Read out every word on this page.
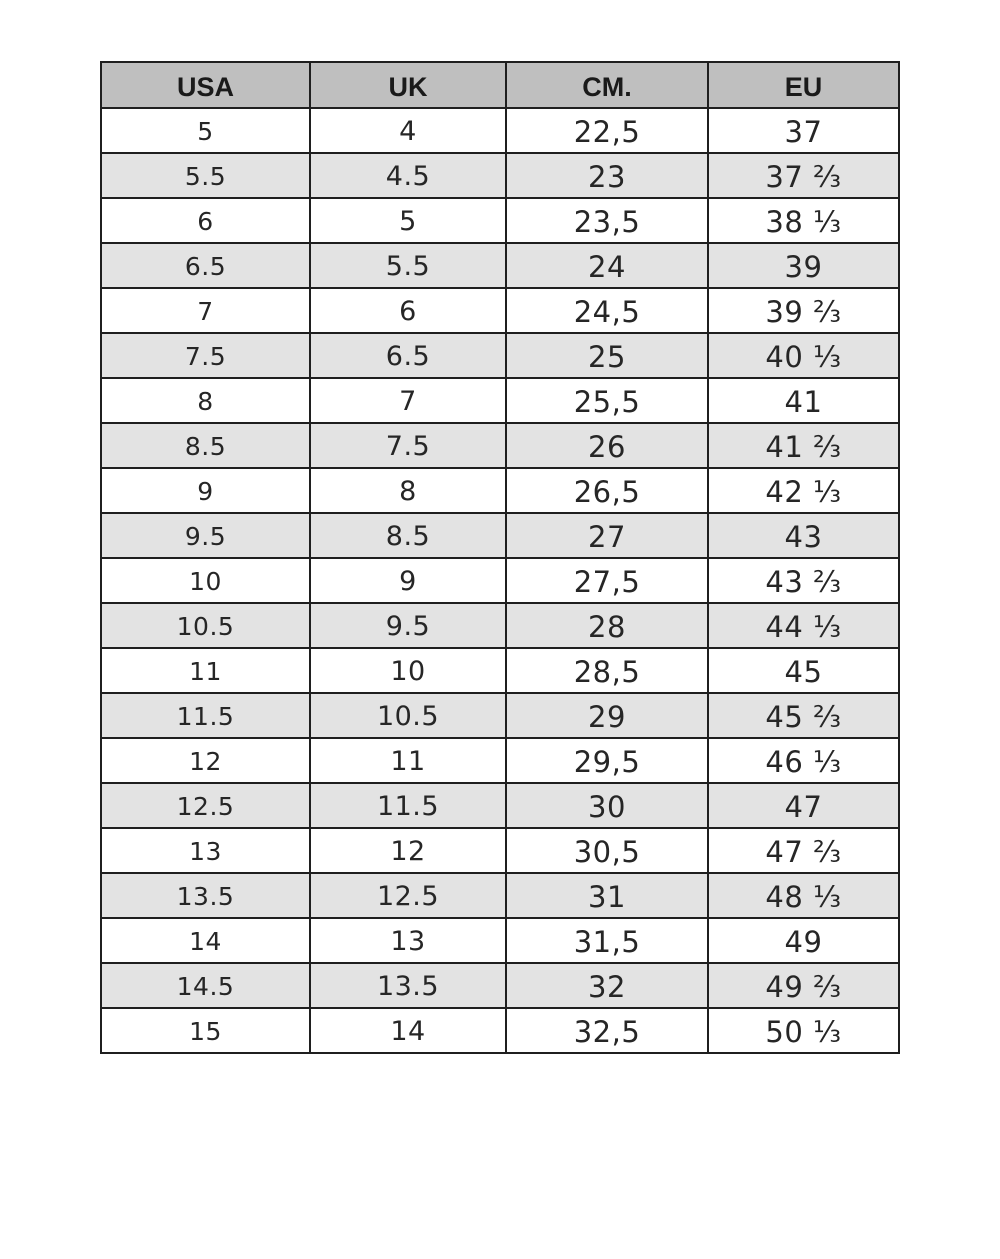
USA	UK	CM.	EU
5	4	22,5	37
5.5	4.5	23	37 ⅔
6	5	23,5	38 ⅓
6.5	5.5	24	39
7	6	24,5	39 ⅔
7.5	6.5	25	40 ⅓
8	7	25,5	41
8.5	7.5	26	41 ⅔
9	8	26,5	42 ⅓
9.5	8.5	27	43
10	9	27,5	43 ⅔
10.5	9.5	28	44 ⅓
11	10	28,5	45
11.5	10.5	29	45 ⅔
12	11	29,5	46 ⅓
12.5	11.5	30	47
13	12	30,5	47 ⅔
13.5	12.5	31	48 ⅓
14	13	31,5	49
14.5	13.5	32	49 ⅔
15	14	32,5	50 ⅓
